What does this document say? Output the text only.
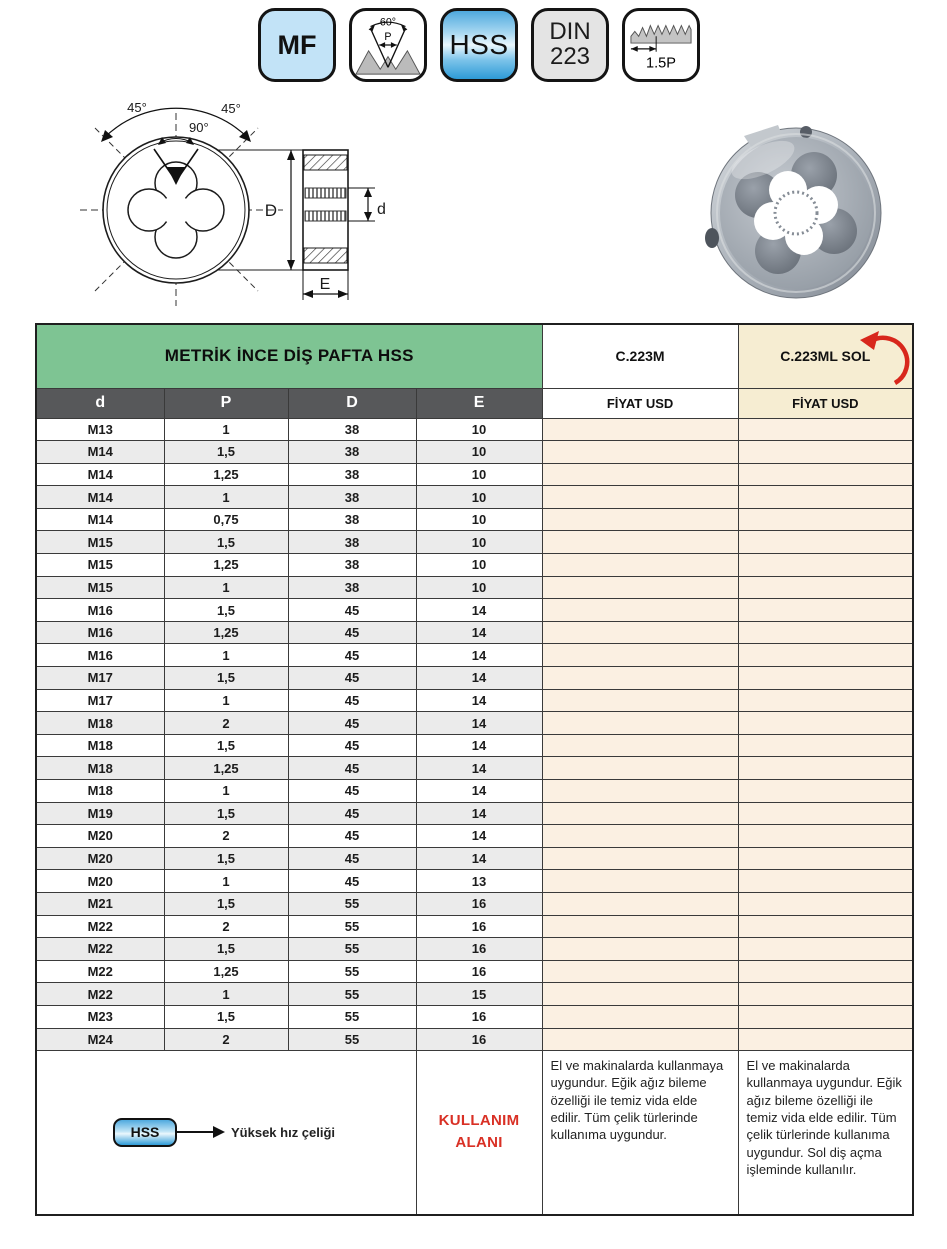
MF
60°
P HSS DIN
223	1.5P
45°	45°
90°
D	d
E
METRİK İNCE DİŞ PAFTA HSS				C.223M	C.223ML SOL

d	P	D	E	FİYAT USD	FİYAT USD
M13	1	38	10		
M14	1,5	38	10		
M14	1,25	38	10		
M14	1	38	10		
M14	0,75	38	10		
M15	1,5	38	10		
M15	1,25	38	10		
M15	1	38	10		
M16	1,5	45	14		
M16	1,25	45	14		
M16	1	45	14		
M17	1,5	45	14		
M17	1	45	14		
M18	2	45	14		
M18	1,5	45	14		
M18	1,25	45	14		
M18	1	45	14		
M19	1,5	45	14		
M20	2	45	14		
M20	1,5	45	14		
M20	1	45	13		
M21	1,5	55	16		
M22	2	55	16		
M22	1,5	55	16		
M22	1,25	55	16		
M22	1	55	15		
M23	1,5	55	16		
M24	2	55	16		

HSS Yüksek hız çeliği			KULLANIM ALANI	El ve makinalarda kullanmaya uygundur. Eğik ağız bileme özelliği ile temiz vida elde edilir. Tüm çelik türlerinde kullanıma uygundur.	El ve makinalarda kullanmaya uygundur. Eğik ağız bileme özelliği ile temiz vida elde edilir. Tüm çelik türlerinde kullanıma uygundur. Sol diş açma işleminde kullanılır.
